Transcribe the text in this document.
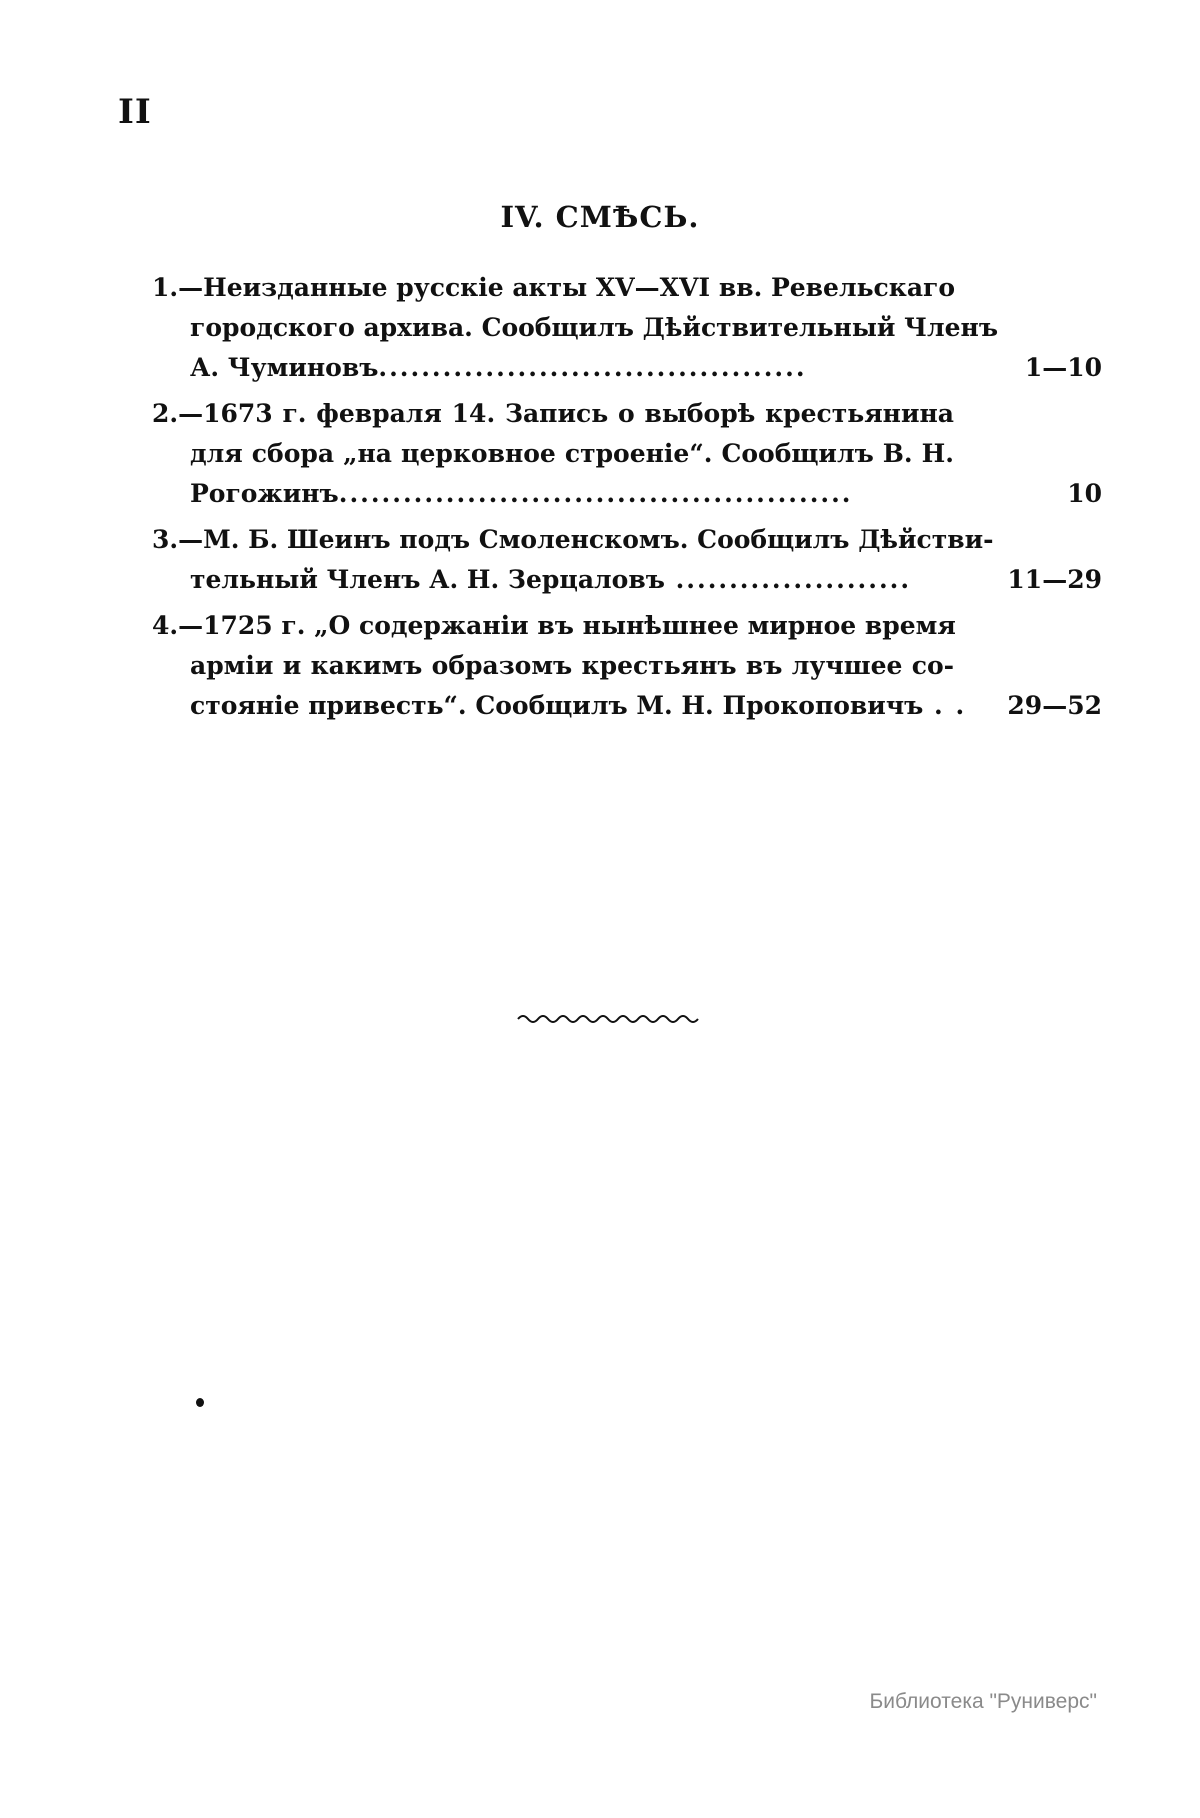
II
IV. СМѢСЬ.
1.—Неизданные русскіе акты XV—XVI вв. Ревельскаго
городского архива. Сообщилъ Дѣйствительный Членъ
А. Чуминовъ........................................	1—10
2.—1673 г. февраля 14. Запись о выборѣ крестьянина
для сбора „на церковное строеніе“. Сообщилъ В. Н.
Рогожинъ................................................	10
3.—М. Б. Шеинъ подъ Смоленскомъ. Сообщилъ Дѣйстви-
тельный Членъ А. Н. Зерцаловъ ......................	11—29
4.—1725 г. „О содержаніи въ нынѣшнее мирное время
арміи и какимъ образомъ крестьянъ въ лучшее со-
стояніе привесть“. Сообщилъ М. Н. Прокоповичъ . .	29—52
Библиотека "Руниверс"
